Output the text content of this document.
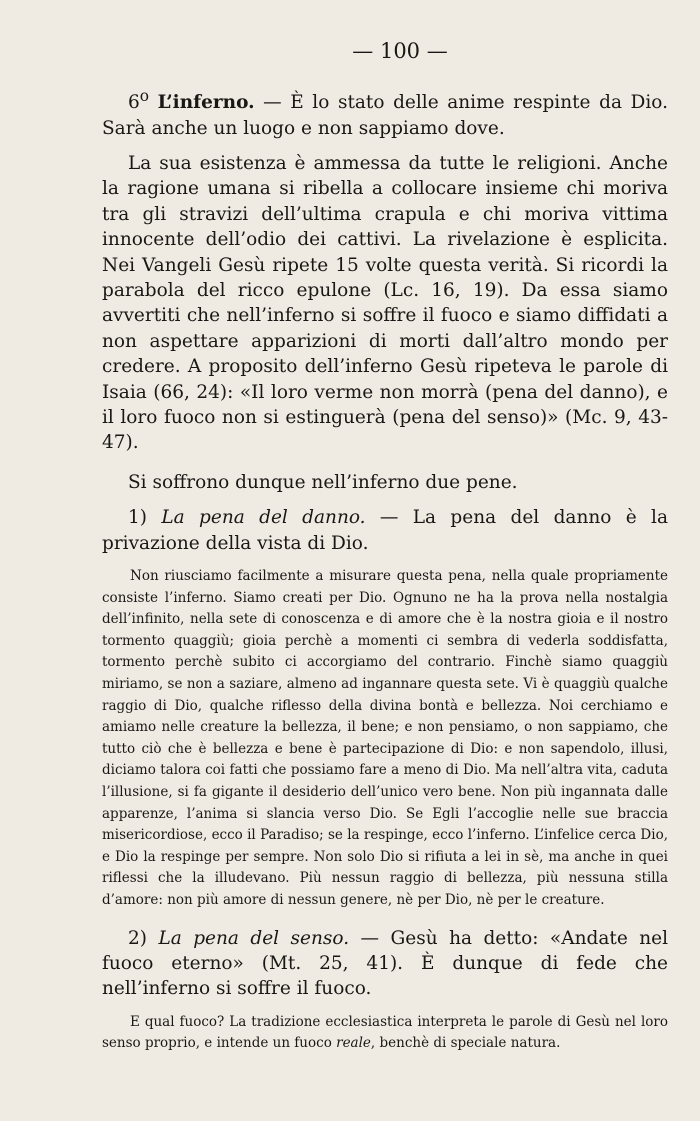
— 100 —

6$^o$ L’inferno. — È lo stato delle anime respinte da Dio. Sarà anche un luogo e non sappiamo dove.

La sua esistenza è ammessa da tutte le religioni. Anche la ragione umana si ribella a collocare insieme chi moriva tra gli stravizi dell’ultima crapula e chi moriva vittima innocente dell’odio dei cattivi. La rivelazione è esplicita. Nei Vangeli Gesù ripete 15 volte questa verità. Si ricordi la parabola del ricco epulone (Lc. 16, 19). Da essa siamo avvertiti che nell’inferno si soffre il fuoco e siamo diffidati a non aspettare apparizioni di morti dall’altro mondo per credere. A proposito dell’inferno Gesù ripeteva le parole di Isaia (66, 24): «Il loro verme non morrà (pena del danno), e il loro fuoco non si estinguerà (pena del senso)» (Mc. 9, 43-47).

Si soffrono dunque nell’inferno due pene.

1) La pena del danno. — La pena del danno è la privazione della vista di Dio.

Non riusciamo facilmente a misurare questa pena, nella quale propriamente consiste l’inferno. Siamo creati per Dio. Ognuno ne ha la prova nella nostalgia dell’infinito, nella sete di conoscenza e di amore che è la nostra gioia e il nostro tormento quaggiù; gioia perchè a momenti ci sembra di vederla soddisfatta, tormento perchè subito ci accorgiamo del contrario. Finchè siamo quaggiù miriamo, se non a saziare, almeno ad ingannare questa sete. Vi è quaggiù qualche raggio di Dio, qualche riflesso della divina bontà e bellezza. Noi cerchiamo e amiamo nelle creature la bellezza, il bene; e non pensiamo, o non sappiamo, che tutto ciò che è bellezza e bene è partecipazione di Dio: e non sapendolo, illusi, diciamo talora coi fatti che possiamo fare a meno di Dio. Ma nell’altra vita, caduta l’illusione, si fa gigante il desiderio dell’unico vero bene. Non più ingannata dalle apparenze, l’anima si slancia verso Dio. Se Egli l’accoglie nelle sue braccia misericordiose, ecco il Paradiso; se la respinge, ecco l’inferno. L’infelice cerca Dio, e Dio la respinge per sempre. Non solo Dio si rifiuta a lei in sè, ma anche in quei riflessi che la illudevano. Più nessun raggio di bellezza, più nessuna stilla d’amore: non più amore di nessun genere, nè per Dio, nè per le creature.

2) La pena del senso. — Gesù ha detto: «Andate nel fuoco eterno» (Mt. 25, 41). È dunque di fede che nell’inferno si soffre il fuoco.

E qual fuoco? La tradizione ecclesiastica interpreta le parole di Gesù nel loro senso proprio, e intende un fuoco reale, benchè di speciale natura.
